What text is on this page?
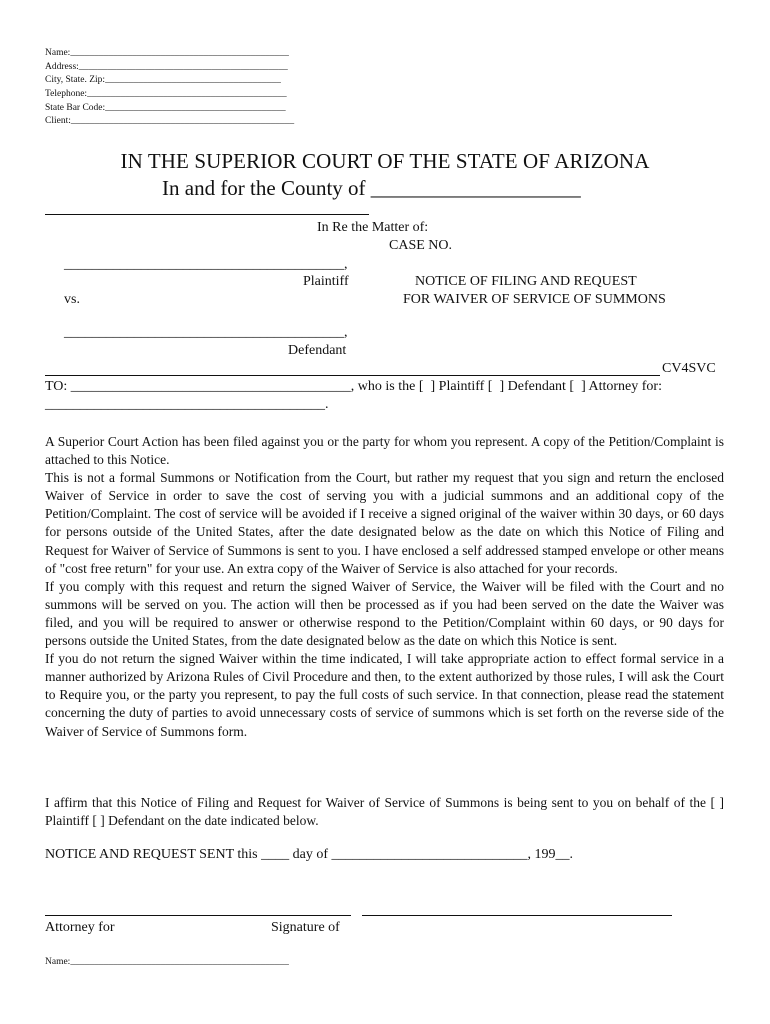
Name:______________________________________________
Address:____________________________________________
City, State. Zip:_____________________________________
Telephone:__________________________________________
State Bar Code:______________________________________
Client:_______________________________________________
IN THE SUPERIOR COURT OF THE STATE OF ARIZONA
In and for the County of ____________________
In Re the Matter of:
CASE NO.
________________________________________,
Plaintiff	NOTICE OF FILING AND REQUEST
vs.	FOR WAIVER OF SERVICE OF SUMMONS
________________________________________,
Defendant
CV4SVC
TO: ________________________________________, who is the [  ] Plaintiff [  ] Defendant [  ] Attorney for:
________________________________________.

A Superior Court Action has been filed against you or the party for whom you represent. A copy of the Petition/Complaint is attached to this Notice.

This is not a formal Summons or Notification from the Court, but rather my request that you sign and return the enclosed Waiver of Service in order to save the cost of serving you with a judicial summons and an additional copy of the Petition/Complaint. The cost of service will be avoided if I receive a signed original of the waiver within 30 days, or 60 days for persons outside of the United States, after the date designated below as the date on which this Notice of Filing and Request for Waiver of Service of Summons is sent to you. I have enclosed a self addressed stamped envelope or other means of "cost free return" for your use. An extra copy of the Waiver of Service is also attached for your records.

If you comply with this request and return the signed Waiver of Service, the Waiver will be filed with the Court and no summons will be served on you. The action will then be processed as if you had been served on the date the Waiver was filed, and you will be required to answer or otherwise respond to the Petition/Complaint within 60 days, or 90 days for persons outside the United States, from the date designated below as the date on which this Notice is sent.

If you do not return the signed Waiver within the time indicated, I will take appropriate action to effect formal service in a manner authorized by Arizona Rules of Civil Procedure and then, to the extent authorized by those rules, I will ask the Court to Require you, or the party you represent, to pay the full costs of such service. In that connection, please read the statement concerning the duty of parties to avoid unnecessary costs of service of summons which is set forth on the reverse side of the Waiver of Service of Summons form.

I affirm that this Notice of Filing and Request for Waiver of Service of Summons is being sent to you on behalf of the [ ] Plaintiff [ ] Defendant on the date indicated below.

NOTICE AND REQUEST SENT this ____ day of ____________________________, 199__.
Attorney for	Signature of
Name:______________________________________________
